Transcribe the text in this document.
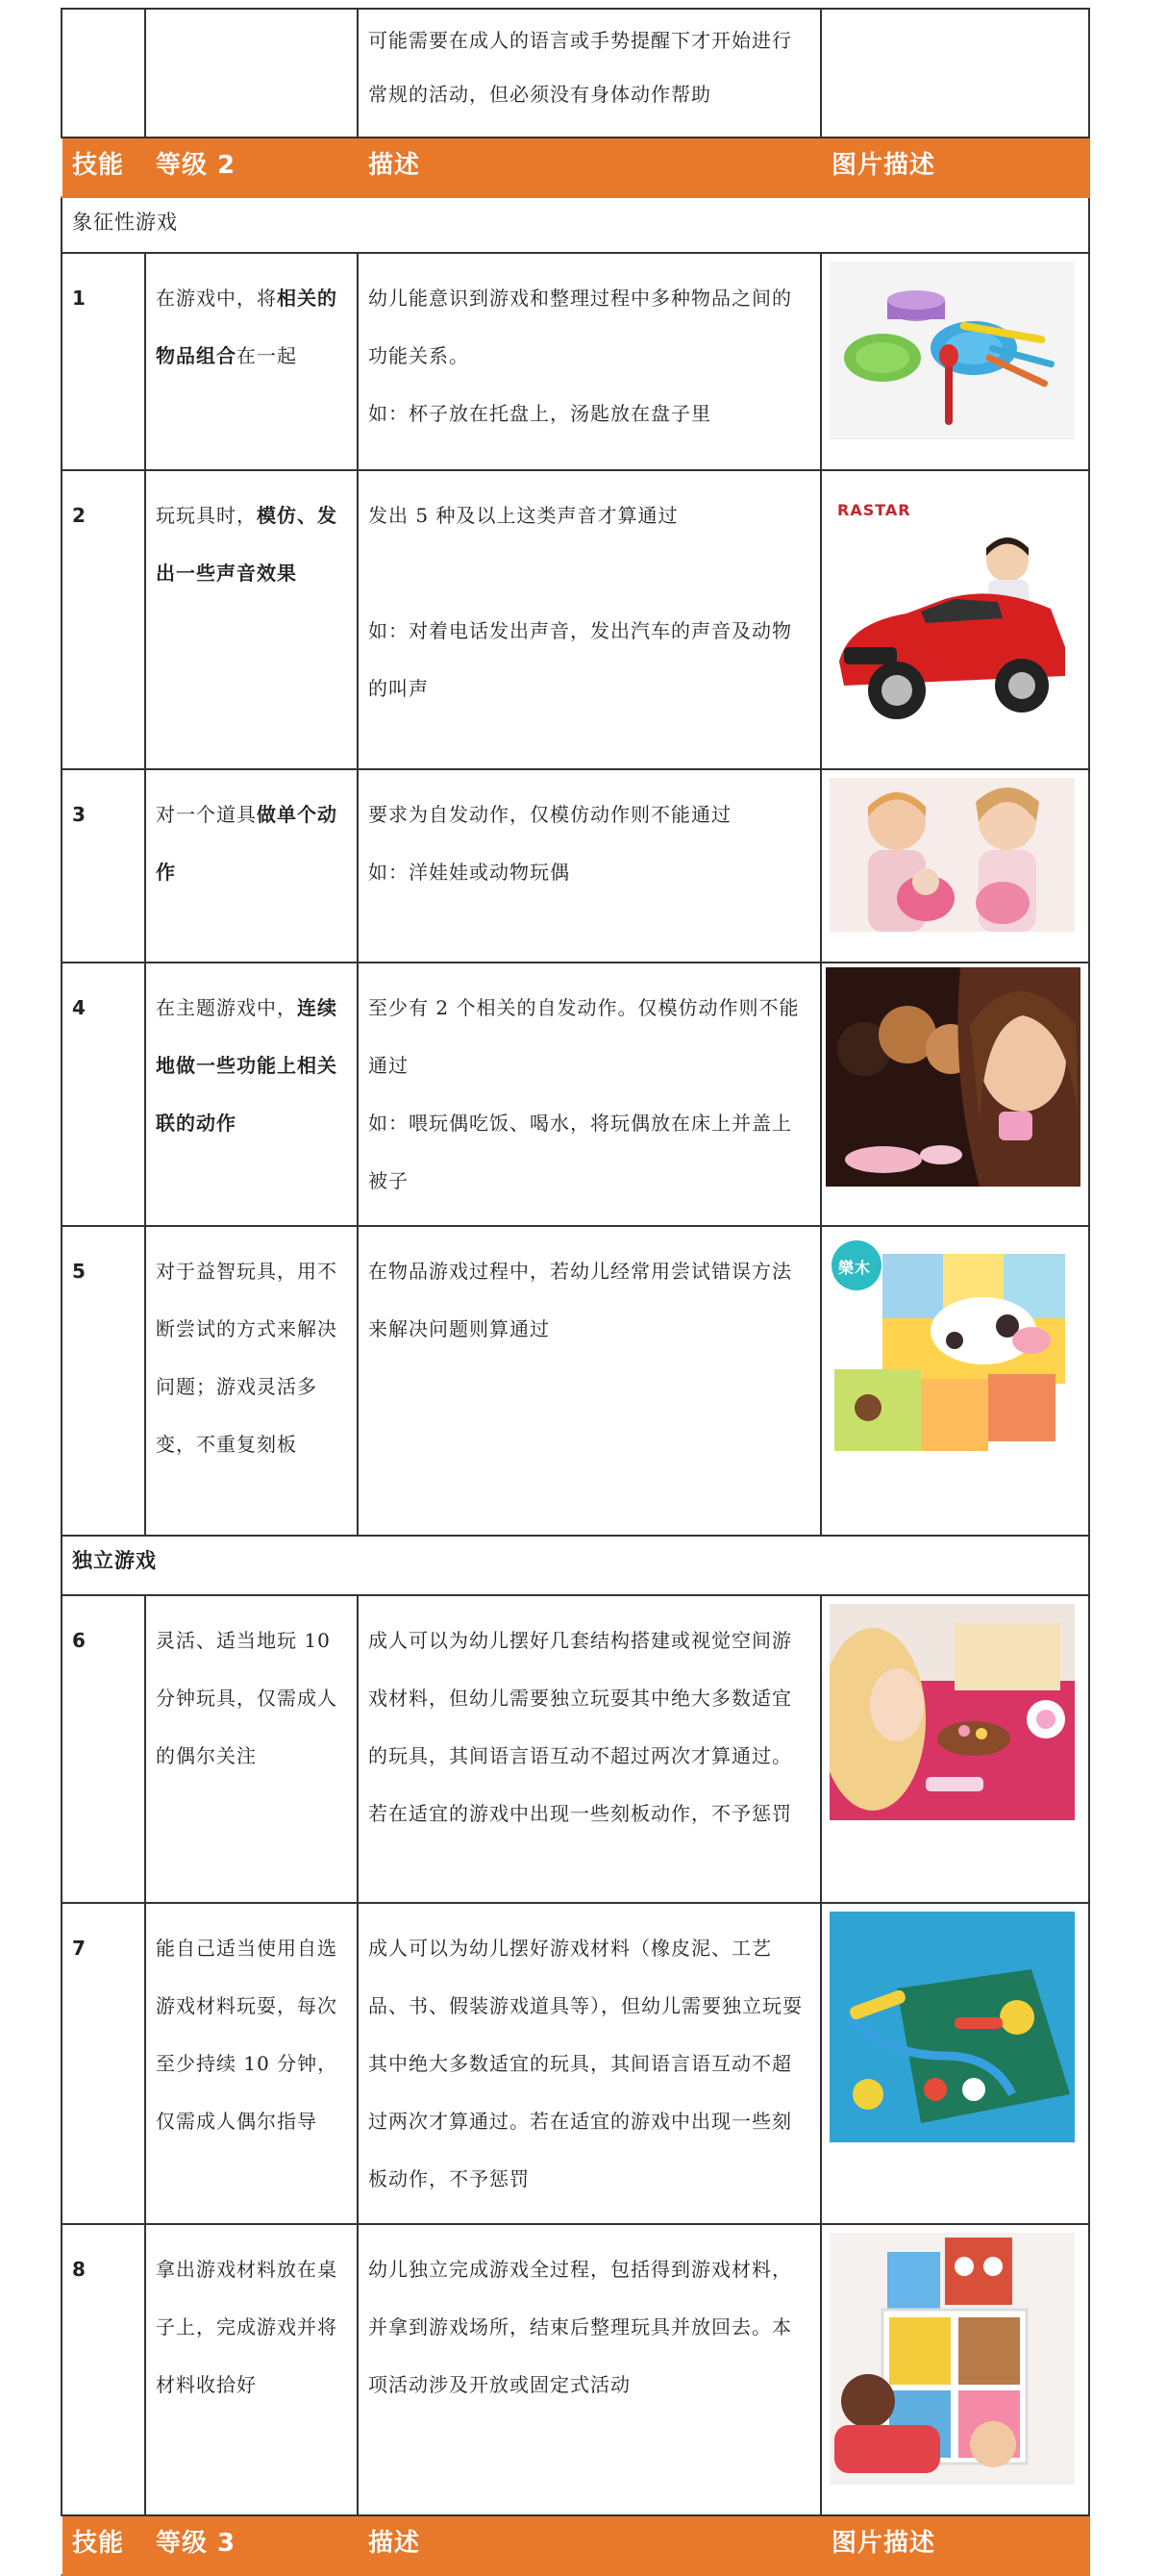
		可能需要在成人的语言或手势提醒下才开始进行常规的活动，但必须没有身体动作帮助	
技能	等级 2	描述	图片描述
象征性游戏			
1	在游戏中，将相关的物品组合在一起	幼儿能意识到游戏和整理过程中多种物品之间的功能关系。

如：杯子放在托盘上，汤匙放在盘子里

2	玩玩具时，模仿、发出一些声音效果	发出 5 种及以上这类声音才算通过

如：对着电话发出声音，发出汽车的声音及动物的叫声	RASTAR

3	对一个道具做单个动作	要求为自发动作，仅模仿动作则不能通过

如：洋娃娃或动物玩偶

4	在主题游戏中，连续地做一些功能上相关联的动作	至少有 2 个相关的自发动作。仅模仿动作则不能通过

如：喂玩偶吃饭、喝水，将玩偶放在床上并盖上被子

5	对于益智玩具，用不断尝试的方式来解决问题；游戏灵活多变，不重复刻板	在物品游戏过程中，若幼儿经常用尝试错误方法来解决问题则算通过	樂木

独立游戏			
6	灵活、适当地玩 10 分钟玩具，仅需成人的偶尔关注	成人可以为幼儿摆好几套结构搭建或视觉空间游戏材料，但幼儿需要独立玩耍其中绝大多数适宜的玩具，其间语言语互动不超过两次才算通过。若在适宜的游戏中出现一些刻板动作，不予惩罚

7	能自己适当使用自选游戏材料玩耍，每次至少持续 10 分钟，仅需成人偶尔指导	成人可以为幼儿摆好游戏材料（橡皮泥、工艺品、书、假装游戏道具等），但幼儿需要独立玩耍其中绝大多数适宜的玩具，其间语言语互动不超过两次才算通过。若在适宜的游戏中出现一些刻板动作，不予惩罚

8	拿出游戏材料放在桌子上，完成游戏并将材料收拾好	幼儿独立完成游戏全过程，包括得到游戏材料，并拿到游戏场所，结束后整理玩具并放回去。本项活动涉及开放或固定式活动

技能	等级 3	描述	图片描述
